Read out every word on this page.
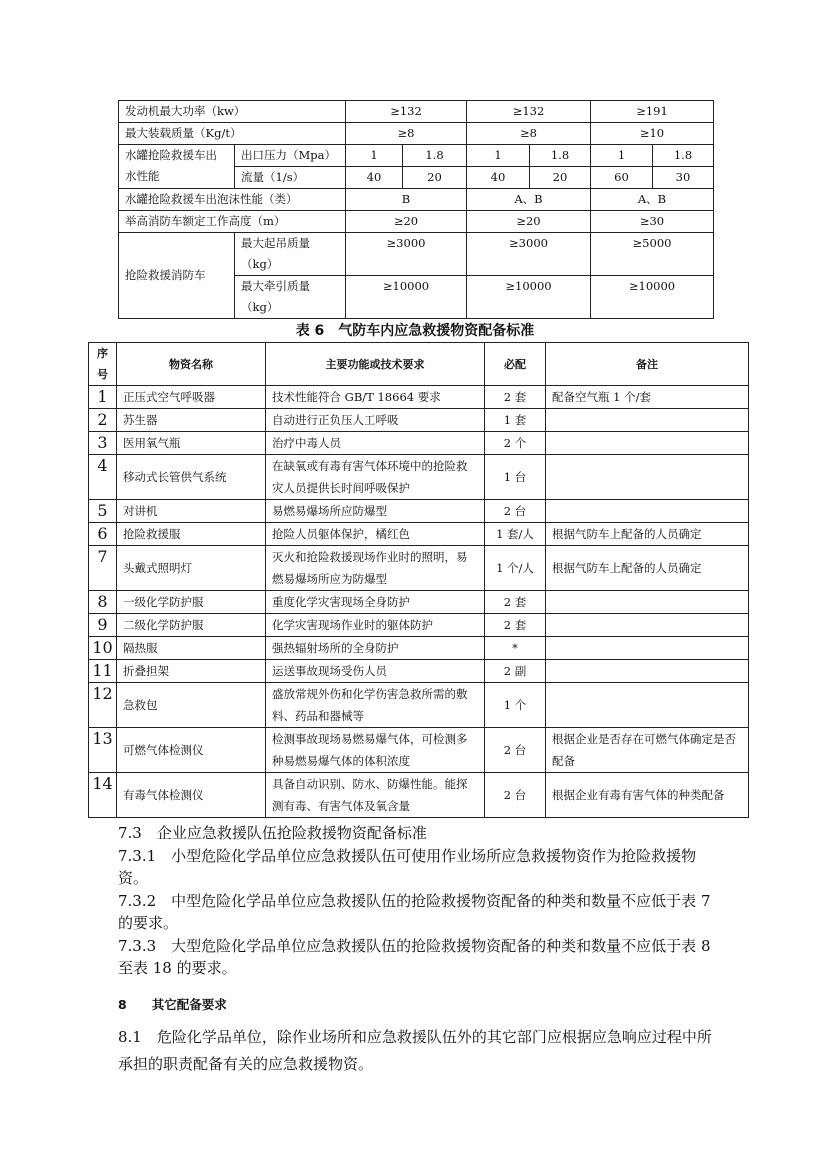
发动机最大功率（kw）		≥132		≥132		≥191	
最大装载质量（Kg/t）		≥8		≥8		≥10	
水罐抢险救援车出水性能	出口压力（Mpa）	1	1.8	1	1.8	1	1.8
	流量（1/s）	40	20	40	20	60	30
水罐抢险救援车出泡沫性能（类）		B		A、B		A、B	
举高消防车额定工作高度（m）		≥20		≥20		≥30	
抢险救援消防车	最大起吊质量（kg）	≥3000		≥3000		≥5000	
	最大牵引质量（kg）	≥10000		≥10000		≥10000	
表 6　气防车内应急救援物资配备标准
序号	物资名称	主要功能或技术要求	必配	备注
1	正压式空气呼吸器	技术性能符合 GB/T 18664 要求	2 套	配备空气瓶 1 个/套
2	苏生器	自动进行正负压人工呼吸	1 套	
3	医用氧气瓶	治疗中毒人员	2 个	
4	移动式长管供气系统	在缺氧或有毒有害气体环境中的抢险救灾人员提供长时间呼吸保护	1 台	
5	对讲机	易燃易爆场所应防爆型	2 台	
6	抢险救援服	抢险人员躯体保护，橘红色	1 套/人	根据气防车上配备的人员确定
7	头戴式照明灯	灭火和抢险救援现场作业时的照明，易燃易爆场所应为防爆型	1 个/人	根据气防车上配备的人员确定
8	一级化学防护服	重度化学灾害现场全身防护	2 套	
9	二级化学防护服	化学灾害现场作业时的躯体防护	2 套	
10	隔热服	强热辐射场所的全身防护	*	
11	折叠担架	运送事故现场受伤人员	2 副	
12	急救包	盛放常规外伤和化学伤害急救所需的敷料、药品和器械等	1 个	
13	可燃气体检测仪	检测事故现场易燃易爆气体，可检测多种易燃易爆气体的体积浓度	2 台	根据企业是否存在可燃气体确定是否配备
14	有毒气体检测仪	具备自动识别、防水、防爆性能。能探测有毒、有害气体及氧含量	2 台	根据企业有毒有害气体的种类配备
7.3　企业应急救援队伍抢险救援物资配备标准
7.3.1　小型危险化学品单位应急救援队伍可使用作业场所应急救援物资作为抢险救援物资。
7.3.2　中型危险化学品单位应急救援队伍的抢险救援物资配备的种类和数量不应低于表 7 的要求。
7.3.3　大型危险化学品单位应急救援队伍的抢险救援物资配备的种类和数量不应低于表 8 至表 18 的要求。
8　　其它配备要求
8.1　危险化学品单位，除作业场所和应急救援队伍外的其它部门应根据应急响应过程中所承担的职责配备有关的应急救援物资。
